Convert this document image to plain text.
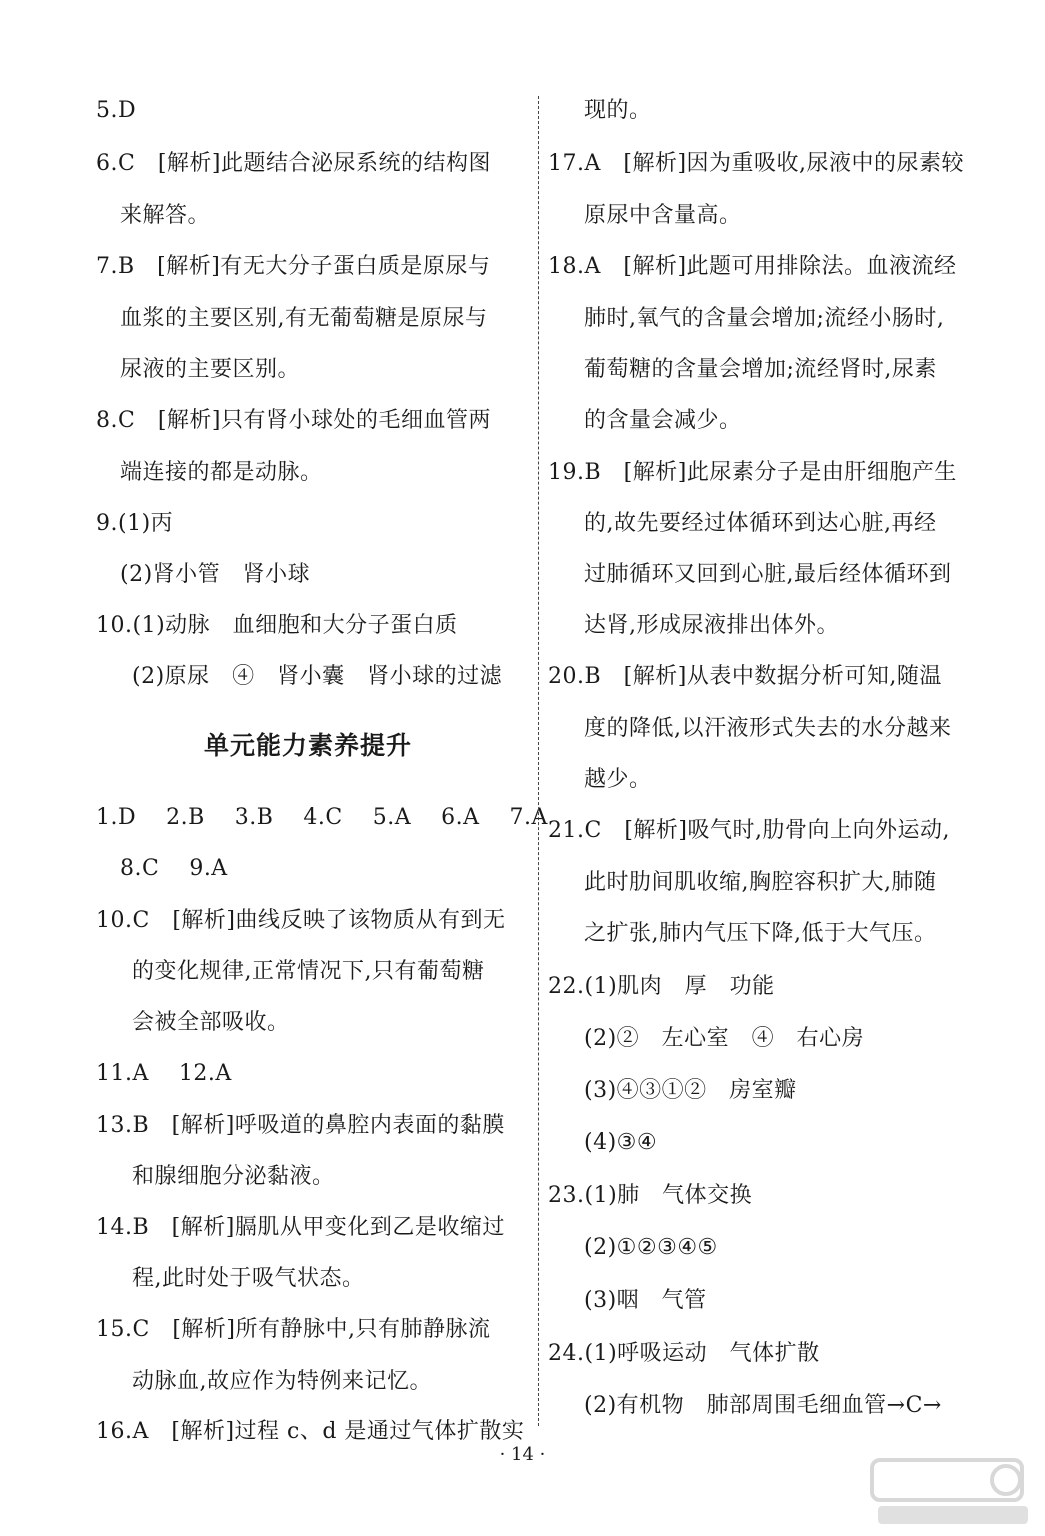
5.D
6.C　[解析]此题结合泌尿系统的结构图
来解答。
7.B　[解析]有无大分子蛋白质是原尿与
血浆的主要区别,有无葡萄糖是原尿与
尿液的主要区别。
8.C　[解析]只有肾小球处的毛细血管两
端连接的都是动脉。
9.(1)丙
(2)肾小管　肾小球
10.(1)动脉　血细胞和大分子蛋白质
(2)原尿　④　肾小囊　肾小球的过滤
单元能力素养提升
1.D　 2.B　 3.B　 4.C　 5.A　 6.A　 7.A
8.C　 9.A
10.C　[解析]曲线反映了该物质从有到无
的变化规律,正常情况下,只有葡萄糖
会被全部吸收。
11.A　 12.A
13.B　[解析]呼吸道的鼻腔内表面的黏膜
和腺细胞分泌黏液。
14.B　[解析]膈肌从甲变化到乙是收缩过
程,此时处于吸气状态。
15.C　[解析]所有静脉中,只有肺静脉流
动脉血,故应作为特例来记忆。
16.A　[解析]过程 c、d 是通过气体扩散实
现的。
17.A　[解析]因为重吸收,尿液中的尿素较
原尿中含量高。
18.A　[解析]此题可用排除法。血液流经
肺时,氧气的含量会增加;流经小肠时,
葡萄糖的含量会增加;流经肾时,尿素
的含量会减少。
19.B　[解析]此尿素分子是由肝细胞产生
的,故先要经过体循环到达心脏,再经
过肺循环又回到心脏,最后经体循环到
达肾,形成尿液排出体外。
20.B　[解析]从表中数据分析可知,随温
度的降低,以汗液形式失去的水分越来
越少。
21.C　[解析]吸气时,肋骨向上向外运动,
此时肋间肌收缩,胸腔容积扩大,肺随
之扩张,肺内气压下降,低于大气压。
22.(1)肌肉　厚　功能
(2)②　左心室　④　右心房
(3)④③①②　房室瓣
(4)③④
23.(1)肺　气体交换
(2)①②③④⑤
(3)咽　气管
24.(1)呼吸运动　气体扩散
(2)有机物　肺部周围毛细血管→C→
· 14 ·
